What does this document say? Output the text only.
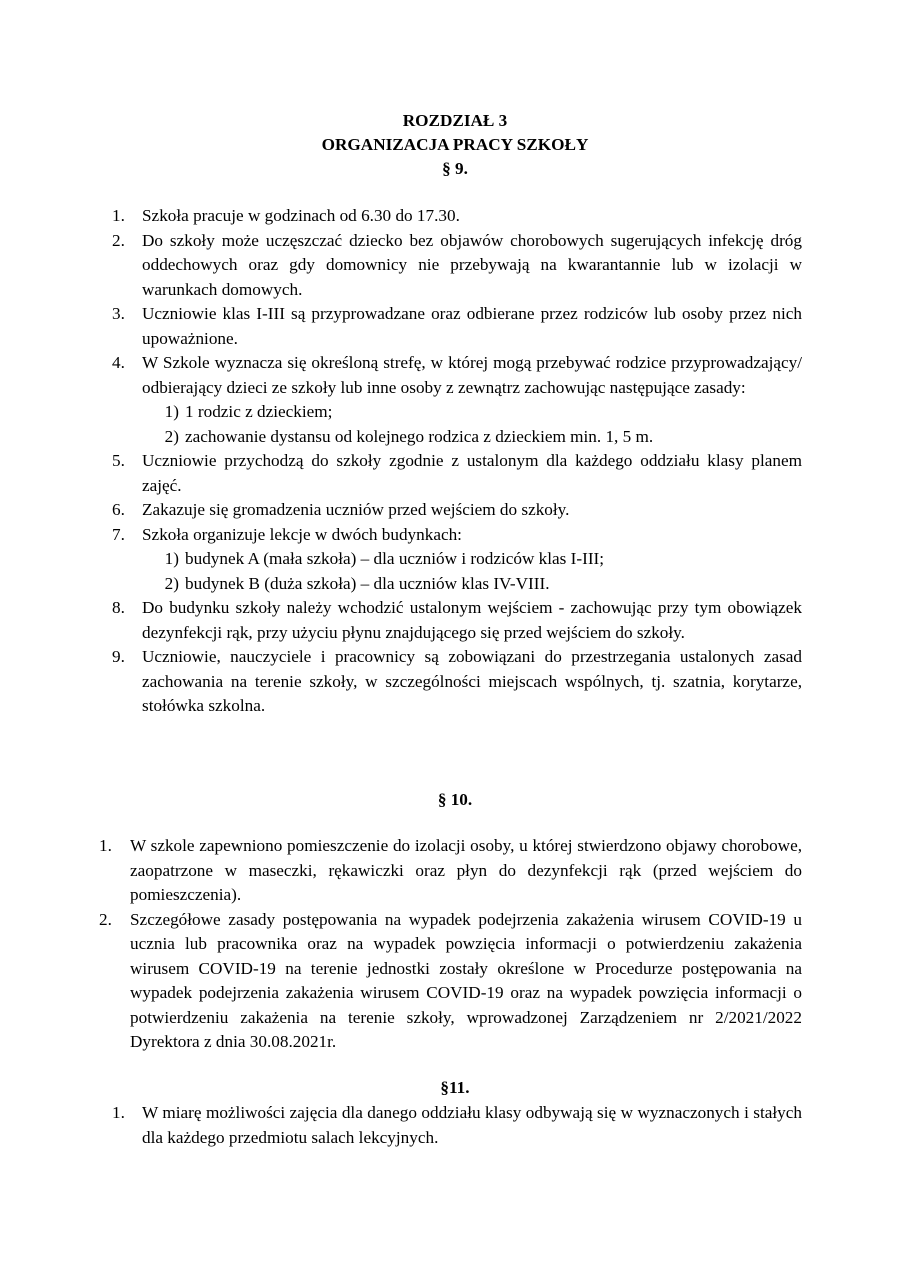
ROZDZIAŁ 3
ORGANIZACJA PRACY SZKOŁY
§ 9.
1. Szkoła pracuje w godzinach od 6.30 do 17.30.
2. Do szkoły może uczęszczać dziecko bez objawów chorobowych sugerujących infekcję dróg oddechowych oraz gdy domownicy nie przebywają na kwarantannie lub w izolacji w warunkach domowych.
3. Uczniowie klas I-III są przyprowadzane oraz odbierane przez rodziców lub osoby przez nich upoważnione.
4. W Szkole wyznacza się określoną strefę, w której mogą przebywać rodzice przyprowadzający/ odbierający dzieci ze szkoły lub inne osoby z zewnątrz zachowując następujące zasady:
1) 1 rodzic z dzieckiem;
2) zachowanie dystansu od kolejnego rodzica z dzieckiem min. 1, 5 m.
5. Uczniowie przychodzą do szkoły zgodnie z ustalonym dla każdego oddziału klasy planem zajęć.
6. Zakazuje się gromadzenia uczniów przed wejściem do szkoły.
7. Szkoła organizuje lekcje w dwóch budynkach:
1) budynek A (mała szkoła) – dla uczniów i rodziców klas I-III;
2) budynek B (duża szkoła) – dla uczniów klas IV-VIII.
8. Do budynku szkoły należy wchodzić ustalonym wejściem - zachowując przy tym obowiązek dezynfekcji rąk, przy użyciu płynu znajdującego się przed wejściem do szkoły.
9. Uczniowie, nauczyciele i pracownicy są zobowiązani do przestrzegania ustalonych zasad zachowania na terenie szkoły, w szczególności miejscach wspólnych, tj. szatnia, korytarze, stołówka szkolna.
§ 10.
1.	W szkole zapewniono pomieszczenie do izolacji osoby, u której stwierdzono objawy chorobowe, zaopatrzone w maseczki, rękawiczki oraz płyn do dezynfekcji rąk (przed wejściem do pomieszczenia).
2.	Szczegółowe zasady postępowania na wypadek podejrzenia zakażenia wirusem COVID-19 u ucznia lub pracownika oraz na wypadek powzięcia informacji o potwierdzeniu zakażenia wirusem COVID-19 na terenie jednostki zostały określone w Procedurze postępowania na wypadek podejrzenia zakażenia wirusem COVID-19 oraz na wypadek powzięcia informacji o potwierdzeniu zakażenia na terenie szkoły, wprowadzonej Zarządzeniem nr 2/2021/2022 Dyrektora z dnia 30.08.2021r.
§11.
1. W miarę możliwości zajęcia dla danego oddziału klasy odbywają się w wyznaczonych i stałych dla każdego przedmiotu salach lekcyjnych.
